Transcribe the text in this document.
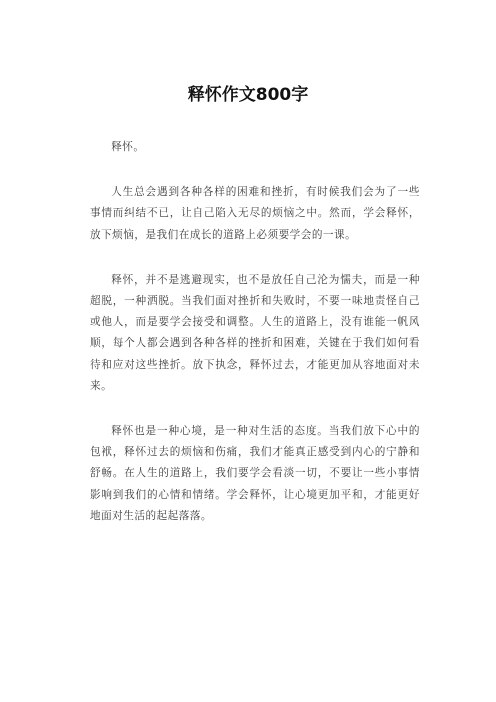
释怀作文800字

释怀。

人生总会遇到各种各样的困难和挫折，有时候我们会为了一些事情而纠结不已，让自己陷入无尽的烦恼之中。然而，学会释怀，放下烦恼，是我们在成长的道路上必须要学会的一课。

释怀，并不是逃避现实，也不是放任自己沦为懦夫，而是一种超脱，一种洒脱。当我们面对挫折和失败时，不要一味地责怪自己或他人，而是要学会接受和调整。人生的道路上，没有谁能一帆风顺，每个人都会遇到各种各样的挫折和困难，关键在于我们如何看待和应对这些挫折。放下执念，释怀过去，才能更加从容地面对未来。

释怀也是一种心境，是一种对生活的态度。当我们放下心中的包袱，释怀过去的烦恼和伤痛，我们才能真正感受到内心的宁静和舒畅。在人生的道路上，我们要学会看淡一切，不要让一些小事情影响到我们的心情和情绪。学会释怀，让心境更加平和，才能更好地面对生活的起起落落。
